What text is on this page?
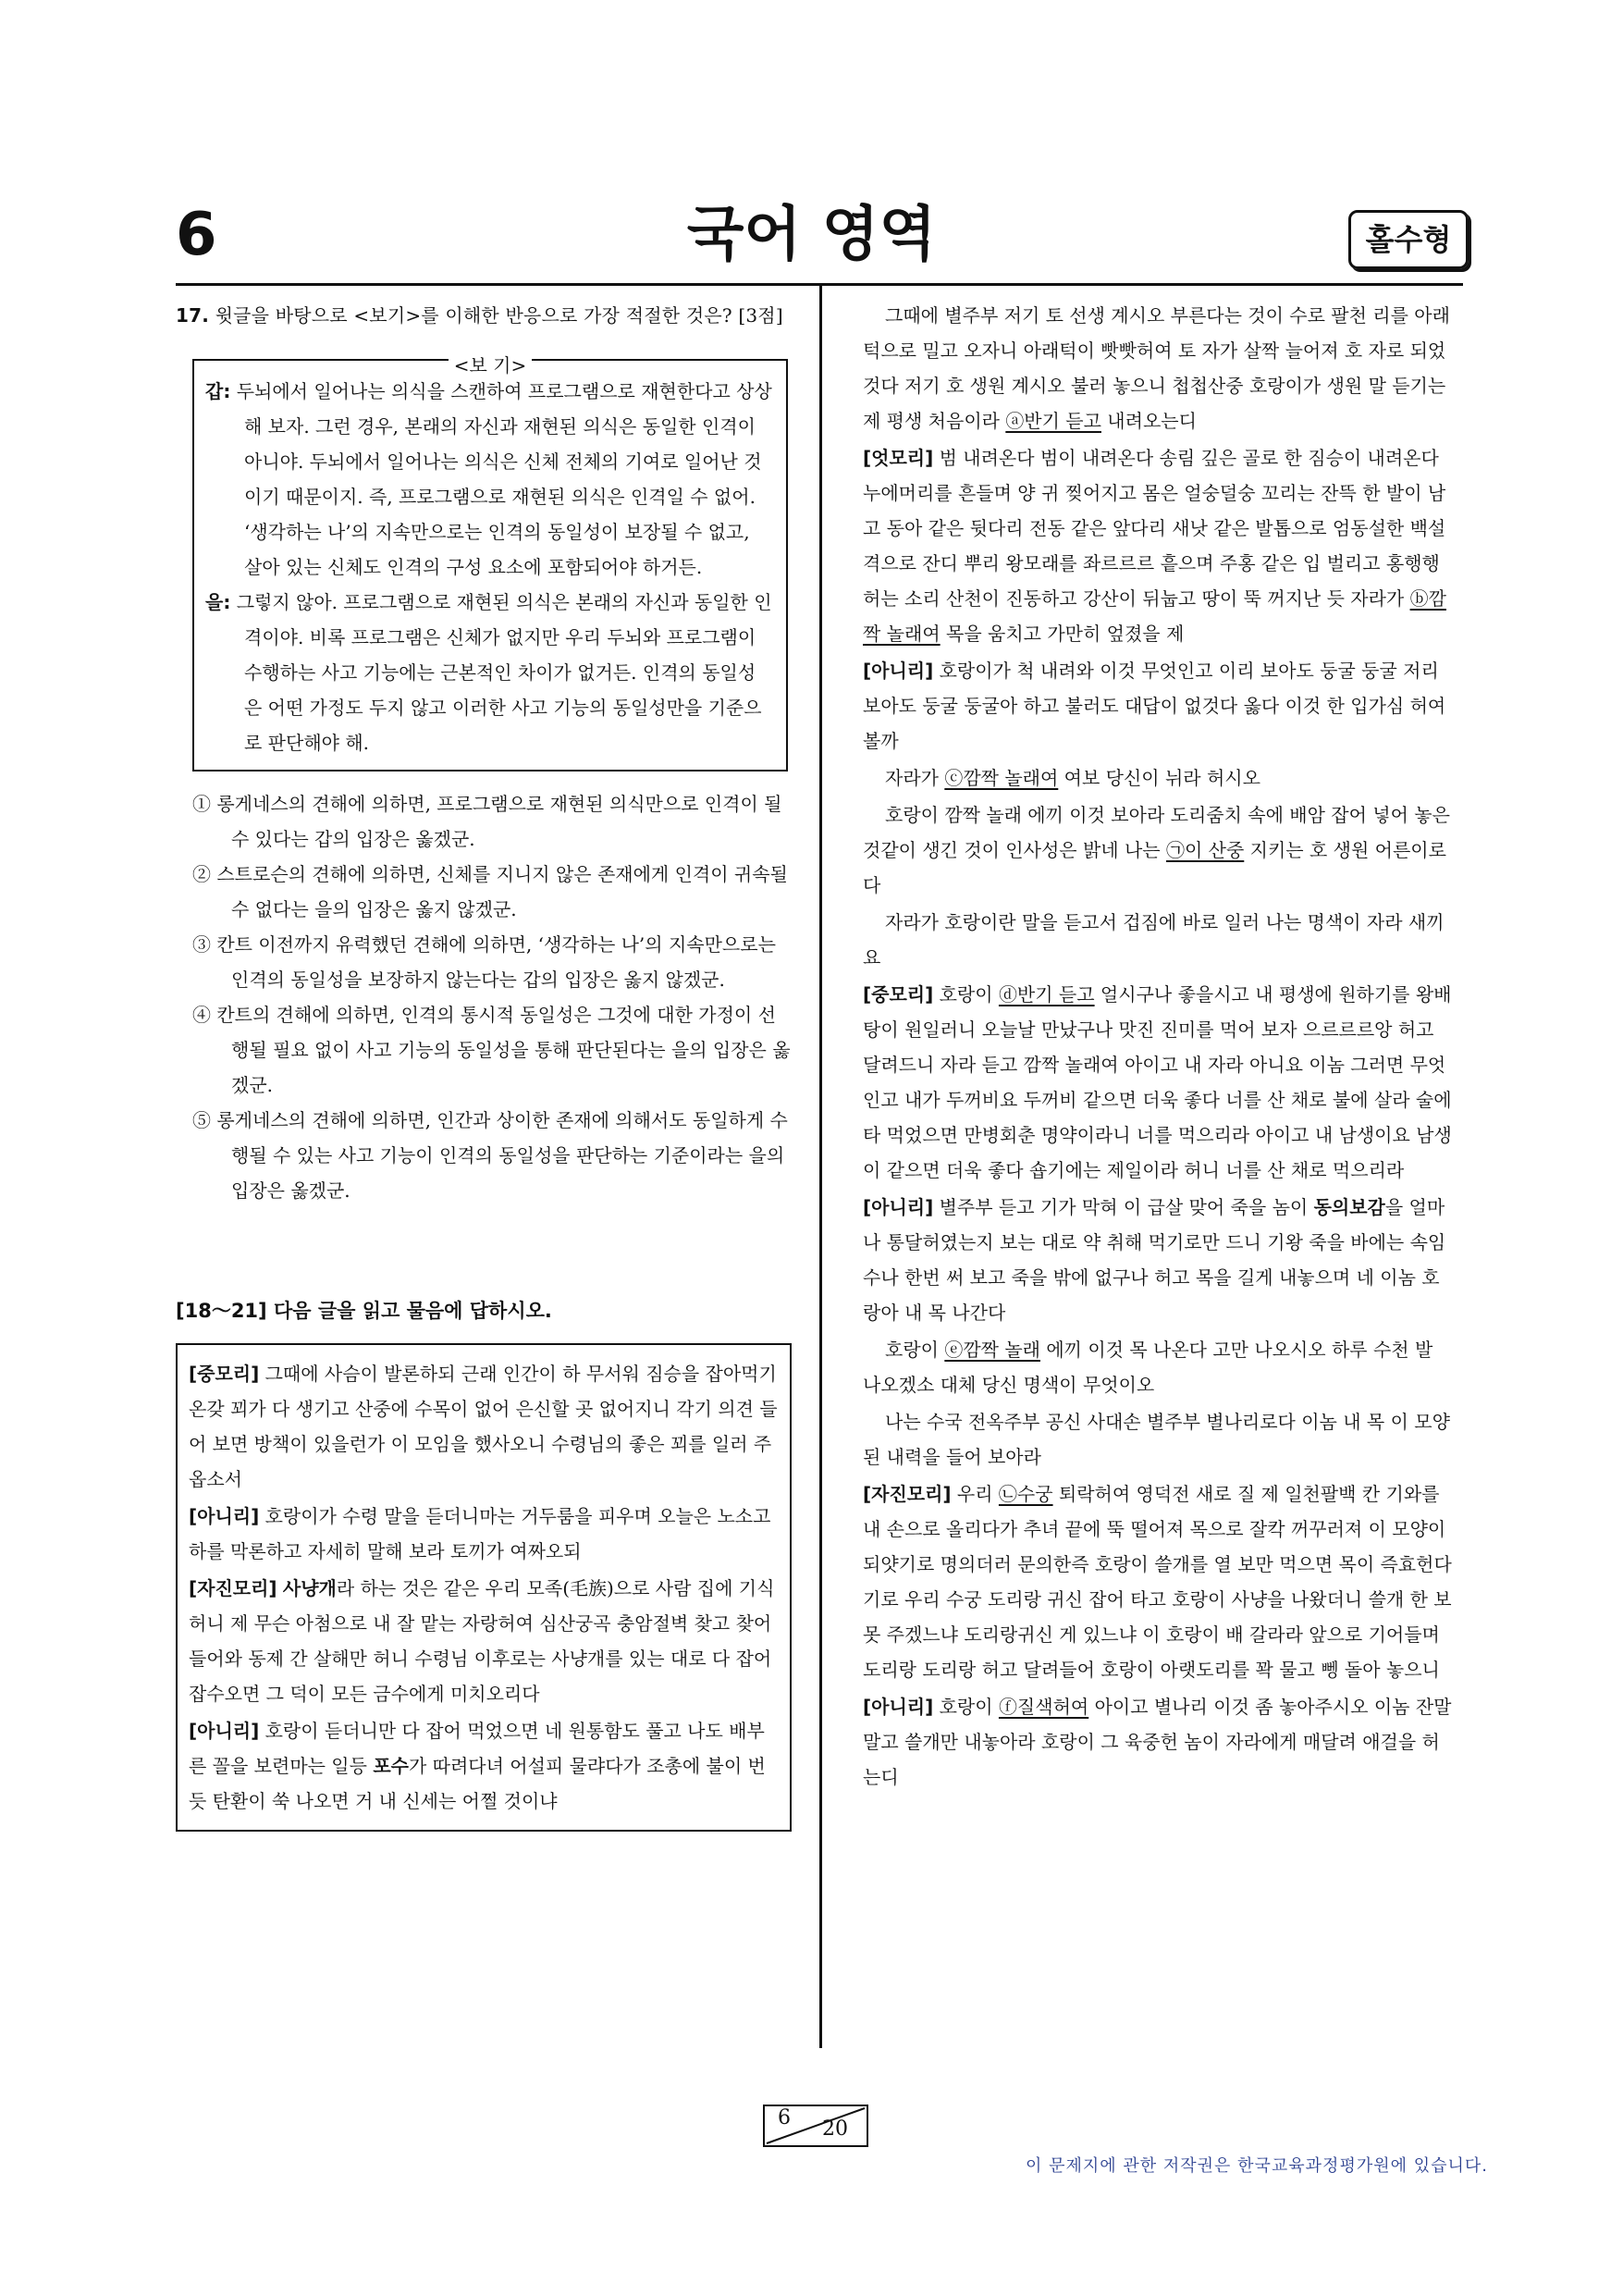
6	국어 영역	홀수형

17. 윗글을 바탕으로 <보기>를 이해한 반응으로 가장 적절한 것은? [3점]

<보 기>

갑: 두뇌에서 일어나는 의식을 스캔하여 프로그램으로 재현한다고 상상해 보자. 그런 경우, 본래의 자신과 재현된 의식은 동일한 인격이 아니야. 두뇌에서 일어나는 의식은 신체 전체의 기여로 일어난 것이기 때문이지. 즉, 프로그램으로 재현된 의식은 인격일 수 없어. ‘생각하는 나’의 지속만으로는 인격의 동일성이 보장될 수 없고, 살아 있는 신체도 인격의 구성 요소에 포함되어야 하거든.

을: 그렇지 않아. 프로그램으로 재현된 의식은 본래의 자신과 동일한 인격이야. 비록 프로그램은 신체가 없지만 우리 두뇌와 프로그램이 수행하는 사고 기능에는 근본적인 차이가 없거든. 인격의 동일성은 어떤 가정도 두지 않고 이러한 사고 기능의 동일성만을 기준으로 판단해야 해.

① 롱게네스의 견해에 의하면, 프로그램으로 재현된 의식만으로 인격이 될 수 있다는 갑의 입장은 옳겠군.

② 스트로슨의 견해에 의하면, 신체를 지니지 않은 존재에게 인격이 귀속될 수 없다는 을의 입장은 옳지 않겠군.

③ 칸트 이전까지 유력했던 견해에 의하면, ‘생각하는 나’의 지속만으로는 인격의 동일성을 보장하지 않는다는 갑의 입장은 옳지 않겠군.

④ 칸트의 견해에 의하면, 인격의 통시적 동일성은 그것에 대한 가정이 선행될 필요 없이 사고 기능의 동일성을 통해 판단된다는 을의 입장은 옳겠군.

⑤ 롱게네스의 견해에 의하면, 인간과 상이한 존재에 의해서도 동일하게 수행될 수 있는 사고 기능이 인격의 동일성을 판단하는 기준이라는 을의 입장은 옳겠군.

[18～21] 다음 글을 읽고 물음에 답하시오.

[중모리] 그때에 사슴이 발론하되 근래 인간이 하 무서워 짐승을 잡아먹기 온갖 꾀가 다 생기고 산중에 수목이 없어 은신할 곳 없어지니 각기 의견 들어 보면 방책이 있을런가 이 모임을 했사오니 수령님의 좋은 꾀를 일러 주옵소서

[아니리] 호랑이가 수령 말을 듣더니마는 거두룸을 피우며 오늘은 노소고하를 막론하고 자세히 말해 보라 토끼가 여짜오되

[자진모리] 사냥개라 하는 것은 같은 우리 모족(毛族)으로 사람 집에 기식허니 제 무슨 아첨으로 내 잘 맡는 자랑허여 심산궁곡 충암절벽 찾고 찾어 들어와 동제 간 살해만 허니 수령님 이후로는 사냥개를 있는 대로 다 잡어 잡수오면 그 덕이 모든 금수에게 미치오리다

[아니리] 호랑이 듣더니만 다 잡어 먹었으면 네 원통함도 풀고 나도 배부른 꼴을 보련마는 일등 포수가 따려다녀 어설피 물랴다가 조총에 불이 번듯 탄환이 쑥 나오면 거 내 신세는 어쩔 것이냐

그때에 별주부 저기 토 선생 계시오 부른다는 것이 수로 팔천 리를 아래턱으로 밀고 오자니 아래턱이 빳빳허여 토 자가 살짝 늘어져 호 자로 되었것다 저기 호 생원 계시오 불러 놓으니 첩첩산중 호랑이가 생원 말 듣기는 제 평생 처음이라 ⓐ반기 듣고 내려오는디

[엇모리] 범 내려온다 범이 내려온다 송림 깊은 골로 한 짐승이 내려온다 누에머리를 흔들며 양 귀 찢어지고 몸은 얼숭덜숭 꼬리는 잔뜩 한 발이 남고 동아 같은 뒷다리 전동 같은 앞다리 새낫 같은 발톱으로 엄동설한 백설 격으로 잔디 뿌리 왕모래를 좌르르르 흩으며 주홍 같은 입 벌리고 홍행행 허는 소리 산천이 진동하고 강산이 뒤눕고 땅이 뚝 꺼지난 듯 자라가 ⓑ깜짝 놀래여 목을 움치고 가만히 엎졌을 제

[아니리] 호랑이가 척 내려와 이것 무엇인고 이리 보아도 둥굴 둥굴 저리 보아도 둥굴 둥굴아 하고 불러도 대답이 없것다 옳다 이것 한 입가심 허여 볼까

자라가 ⓒ깜짝 놀래여 여보 당신이 뉘라 허시오

호랑이 깜짝 놀래 에끼 이것 보아라 도리줌치 속에 배암 잡어 넣어 놓은 것같이 생긴 것이 인사성은 밝네 나는 ㉠이 산중 지키는 호 생원 어른이로다

자라가 호랑이란 말을 듣고서 겁짐에 바로 일러 나는 명색이 자라 새끼요

[중모리] 호랑이 ⓓ반기 듣고 얼시구나 좋을시고 내 평생에 원하기를 왕배탕이 원일러니 오늘날 만났구나 맛진 진미를 먹어 보자 으르르르앙 허고 달려드니 자라 듣고 깜짝 놀래여 아이고 내 자라 아니요 이놈 그러면 무엇인고 내가 두꺼비요 두꺼비 같으면 더욱 좋다 너를 산 채로 불에 살라 술에 타 먹었으면 만병회춘 명약이라니 너를 먹으리라 아이고 내 남생이요 남생이 같으면 더욱 좋다 숍기에는 제일이라 허니 너를 산 채로 먹으리라

[아니리] 별주부 듣고 기가 막혀 이 급살 맞어 죽을 놈이 동의보감을 얼마나 통달허였는지 보는 대로 약 취해 먹기로만 드니 기왕 죽을 바에는 속임수나 한번 써 보고 죽을 밖에 없구나 허고 목을 길게 내놓으며 네 이놈 호랑아 내 목 나간다

호랑이 ⓔ깜짝 놀래 에끼 이것 목 나온다 고만 나오시오 하루 수천 발 나오겠소 대체 당신 명색이 무엇이오

나는 수국 전옥주부 공신 사대손 별주부 별나리로다 이놈 내 목 이 모양 된 내력을 들어 보아라

[자진모리] 우리 ㉡수궁 퇴락허여 영덕전 새로 질 제 일천팔백 칸 기와를 내 손으로 올리다가 추녀 끝에 뚝 떨어져 목으로 잘칵 꺼꾸러져 이 모양이 되얏기로 명의더러 문의한즉 호랑이 쓸개를 열 보만 먹으면 목이 즉효헌다기로 우리 수궁 도리랑 귀신 잡어 타고 호랑이 사냥을 나왔더니 쓸개 한 보 못 주겠느냐 도리랑귀신 게 있느냐 이 호랑이 배 갈라라 앞으로 기어들며 도리랑 도리랑 허고 달려들어 호랑이 아랫도리를 꽉 물고 뼁 돌아 놓으니

[아니리] 호랑이 ⓕ질색허여 아이고 별나리 이것 좀 놓아주시오 이놈 잔말 말고 쓸개만 내놓아라 호랑이 그 육중헌 놈이 자라에게 매달려 애걸을 허는디

6 20
이 문제지에 관한 저작권은 한국교육과정평가원에 있습니다.
